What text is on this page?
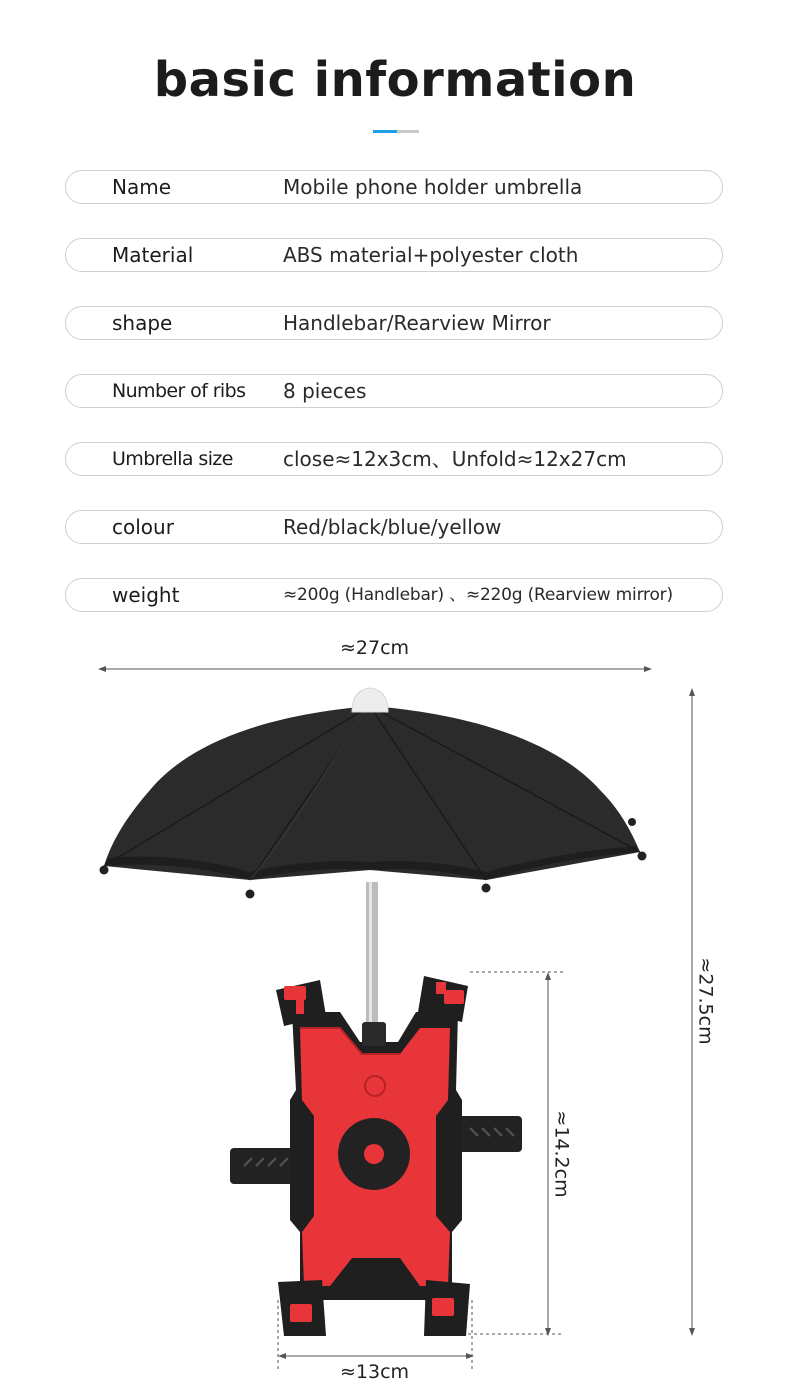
basic information
Name	Mobile phone holder umbrella
Material	ABS material+polyester cloth
shape	Handlebar/Rearview Mirror
Number of ribs 8 pieces
Umbrella size	close≈12x3cm、Unfold≈12x27cm
colour	Red/black/blue/yellow
weight	≈200g (Handlebar) 、≈220g (Rearview mirror)
≈27cm
≈13cm
≈27.5cm
≈14.2cm
